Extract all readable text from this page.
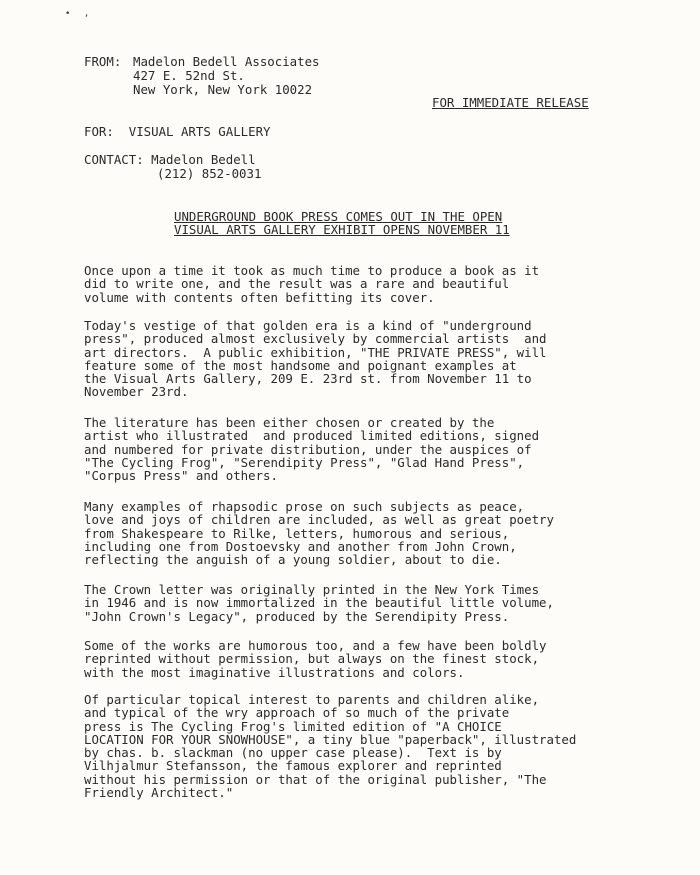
• ,
FROM: Madelon Bedell Associates
427 E. 52nd St.
New York, New York 10022
FOR IMMEDIATE RELEASE
FOR:  VISUAL ARTS GALLERY
CONTACT: Madelon Bedell
(212) 852-0031
UNDERGROUND BOOK PRESS COMES OUT IN THE OPEN
VISUAL ARTS GALLERY EXHIBIT OPENS NOVEMBER 11
Once upon a time it took as much time to produce a book as it
did to write one, and the result was a rare and beautiful
volume with contents often befitting its cover.
Today's vestige of that golden era is a kind of "underground
press", produced almost exclusively by commercial artists  and
art directors.  A public exhibition, "THE PRIVATE PRESS", will
feature some of the most handsome and poignant examples at
the Visual Arts Gallery, 209 E. 23rd st. from November 11 to
November 23rd.
The literature has been either chosen or created by the
artist who illustrated  and produced limited editions, signed
and numbered for private distribution, under the auspices of
"The Cycling Frog", "Serendipity Press", "Glad Hand Press",
"Corpus Press" and others.
Many examples of rhapsodic prose on such subjects as peace,
love and joys of children are included, as well as great poetry
from Shakespeare to Rilke, letters, humorous and serious,
including one from Dostoevsky and another from John Crown,
reflecting the anguish of a young soldier, about to die.
The Crown letter was originally printed in the New York Times
in 1946 and is now immortalized in the beautiful little volume,
"John Crown's Legacy", produced by the Serendipity Press.
Some of the works are humorous too, and a few have been boldly
reprinted without permission, but always on the finest stock,
with the most imaginative illustrations and colors.
Of particular topical interest to parents and children alike,
and typical of the wry approach of so much of the private
press is The Cycling Frog's limited edition of "A CHOICE
LOCATION FOR YOUR SNOWHOUSE", a tiny blue "paperback", illustrated
by chas. b. slackman (no upper case please).  Text is by
Vilhjalmur Stefansson, the famous explorer and reprinted
without his permission or that of the original publisher, "The
Friendly Architect."
